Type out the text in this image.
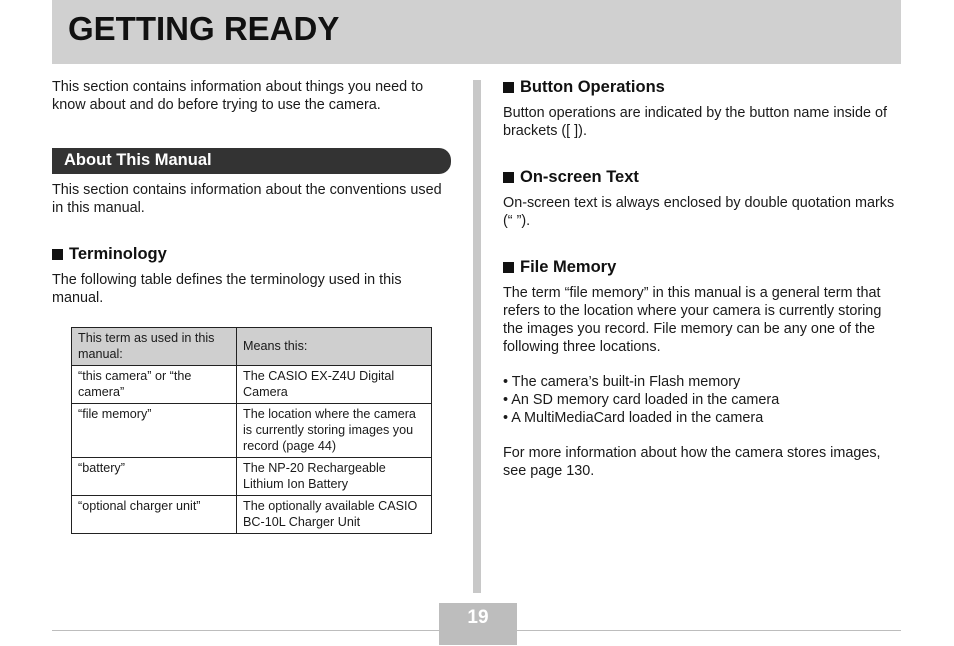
GETTING READY

This section contains information about things you need to know about and do before trying to use the camera.

About This Manual

This section contains information about the conventions used in this manual.

Terminology

The following table defines the terminology used in this manual.

This term as used in this manual:	Means this:
“this camera” or “the camera”	The CASIO EX-Z4U Digital Camera
“file memory”	The location where the camera is currently storing images you record (page 44)
“battery”	The NP-20 Rechargeable Lithium Ion Battery
“optional charger unit”	The optionally available CASIO BC-10L Charger Unit
Button Operations

Button operations are indicated by the button name inside of brackets ([ ]).

On-screen Text

On-screen text is always enclosed by double quotation marks (“ ”).

File Memory

The term “file memory” in this manual is a general term that refers to the location where your camera is currently storing the images you record. File memory can be any one of the following three locations.

• The camera’s built-in Flash memory
• An SD memory card loaded in the camera
• A MultiMediaCard loaded in the camera

For more information about how the camera stores images, see page 130.

19
